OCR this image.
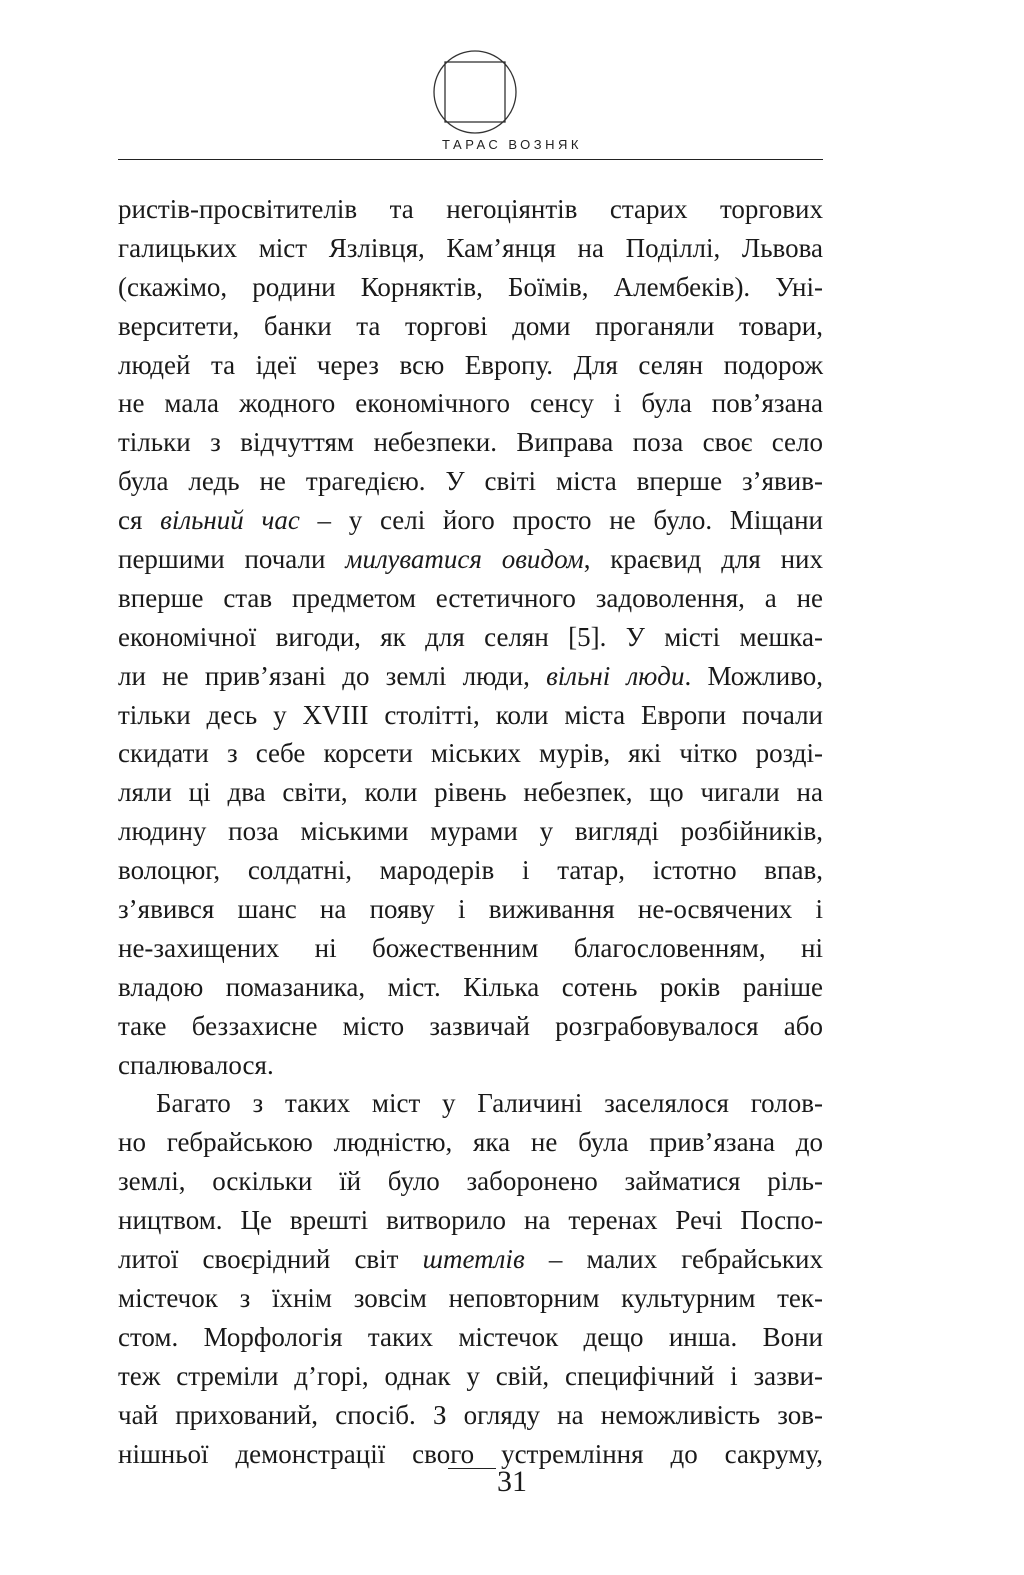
ТАРАС ВОЗНЯК
ристів-просвітителів та негоціянтів старих торгових
галицьких міст Язлівця, Кам’янця на Поділлі, Львова
(скажімо, родини Корняктів, Боїмів, Алембеків). Уні-
верситети, банки та торгові доми проганяли товари,
людей та ідеї через всю Европу. Для селян подорож
не мала жодного економічного сенсу і була пов’язана
тільки з відчуттям небезпеки. Виправа поза своє село
була ледь не трагедією. У світі міста вперше з’явив-
ся вільний час – у селі його просто не було. Міщани
першими почали милуватися овидом, краєвид для них
вперше став предметом естетичного задоволення, а не
економічної вигоди, як для селян [5]. У місті мешка-
ли не прив’язані до землі люди, вільні люди. Можливо,
тільки десь у XVIII столітті, коли міста Европи почали
скидати з себе корсети міських мурів, які чітко розді-
ляли ці два світи, коли рівень небезпек, що чигали на
людину поза міськими мурами у вигляді розбійників,
волоцюг, солдатні, мародерів і татар, істотно впав,
з’явився шанс на появу і виживання не-освячених і
не-захищених ні божественним благословенням, ні
владою помазаника, міст. Кілька сотень років раніше
таке беззахисне місто зазвичай розграбовувалося або
спалювалося.
Багато з таких міст у Галичині заселялося голов-
но гебрайською людністю, яка не була прив’язана до
землі, оскільки їй було заборонено займатися ріль-
ництвом. Це врешті витворило на теренах Речі Поспо-
литої своєрідний світ штетлів – малих гебрайських
містечок з їхнім зовсім неповторним культурним тек-
стом. Морфологія таких містечок дещо инша. Вони
теж стреміли д’горі, однак у свій, специфічний і зазви-
чай прихований, спосіб. З огляду на неможливість зов-
нішньої демонстрації свого устремління до сакруму,
31
